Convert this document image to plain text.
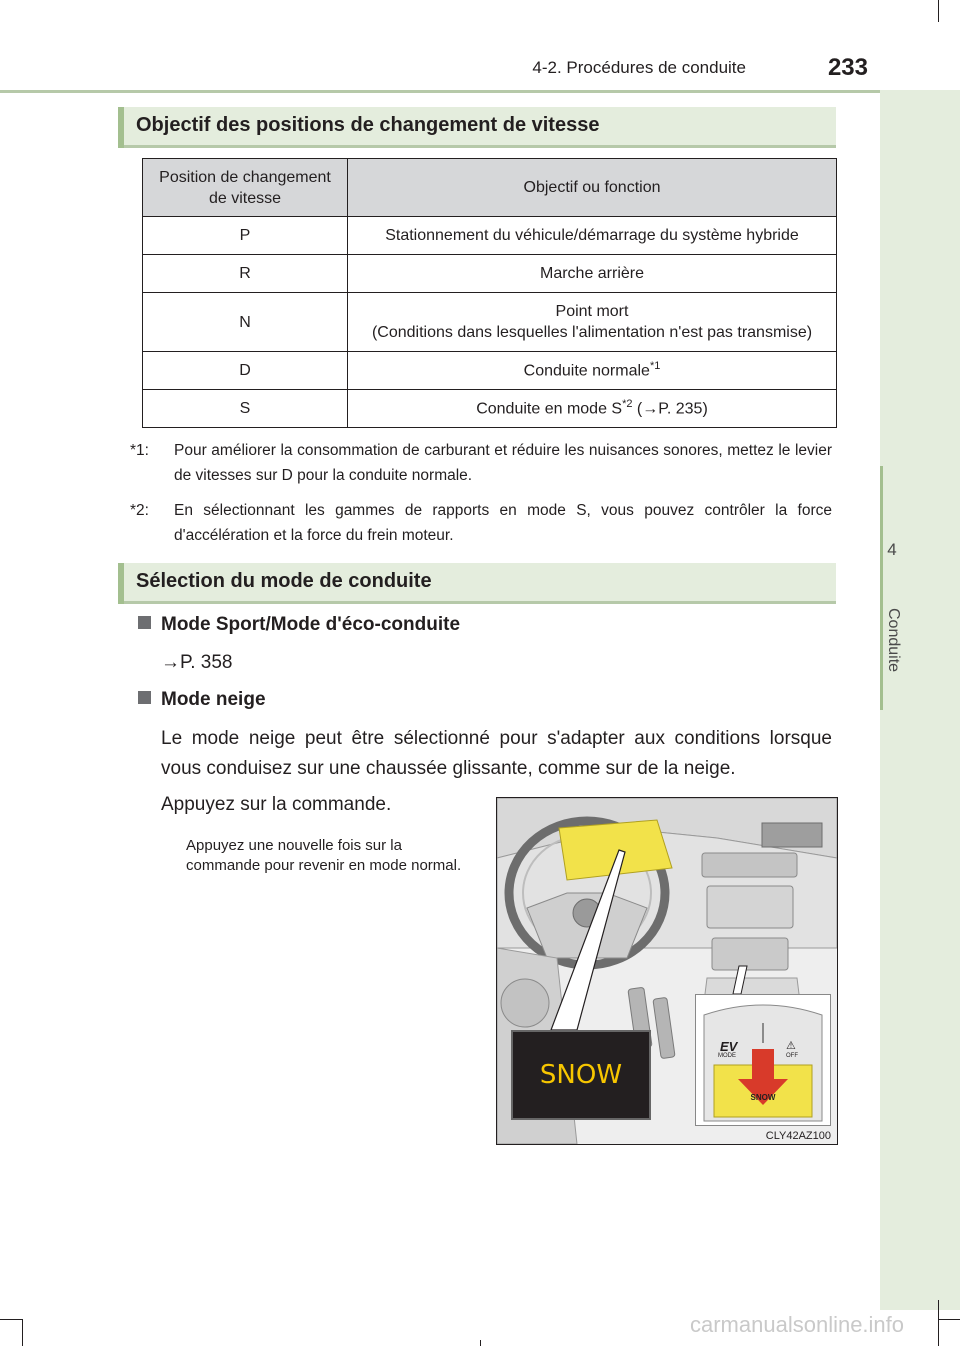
4-2. Procédures de conduite	233
4
Objectif des positions de changement de vitesse
Position de changement de vitesse	Objectif ou fonction
P	Stationnement du véhicule/démarrage du système hybride
R	Marche arrière
N	Point mort
(Conditions dans lesquelles l'alimentation n'est pas transmise)

D	Conduite normale$^{*1}$
S	Conduite en mode $S^{*2}$ (→P. 235)
*1: Pour améliorer la consommation de carburant et réduire les nuisances sonores, mettez le levier de vitesses sur D pour la conduite normale.
*2: En sélectionnant les gammes de rapports en mode S, vous pouvez contrôler la force d'accélération et la force du frein moteur.
Sélection du mode de conduite
Mode Sport/Mode d'éco-conduite
→P. 358
Mode neige
Le mode neige peut être sélectionné pour s'adapter aux conditions lorsque vous conduisez sur une chaussée glissante, comme sur de la neige.
Appuyez sur la commande.
Appuyez une nouvelle fois sur la commande pour revenir en mode normal.
SNOW
EV
MODE
⚠
OFF
SNOW
CLY42AZ100
carmanualsonline.info
